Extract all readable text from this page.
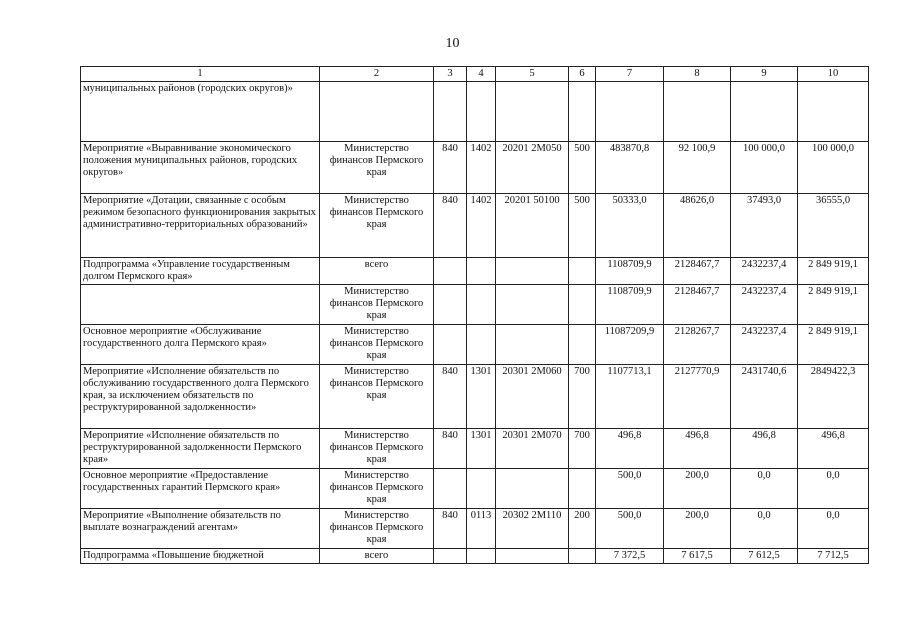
10
1	2	3	4	5	6	7	8	9	10
муниципальных районов (городских округов)»									
Мероприятие «Выравнивание экономического положения муниципальных районов, городских округов»	Министерство финансов Пермского края	840	1402	20201 2М050	500	483870,8	92 100,9	100 000,0	100 000,0
Мероприятие «Дотации, связанные с особым режимом безопасного функционирования закрытых административно-территориальных образований»	Министерство финансов Пермского края	840	1402	20201 50100	500	50333,0	48626,0	37493,0	36555,0
Подпрограмма «Управление государственным долгом Пермского края»	всего					1108709,9	2128467,7	2432237,4	2 849 919,1
	Министерство финансов Пермского края					1108709,9	2128467,7	2432237,4	2 849 919,1
Основное мероприятие «Обслуживание государственного долга Пермского края»	Министерство финансов Пермского края					11087209,9	2128267,7	2432237,4	2 849 919,1
Мероприятие «Исполнение обязательств по обслуживанию государственного долга Пермского края, за исключением обязательств по реструктурированной задолженности»	Министерство финансов Пермского края	840	1301	20301 2М060	700	1107713,1	2127770,9	2431740,6	2849422,3
Мероприятие «Исполнение обязательств по реструктурированной задолженности Пермского края»	Министерство финансов Пермского края	840	1301	20301 2М070	700	496,8	496,8	496,8	496,8
Основное мероприятие «Предоставление государственных гарантий Пермского края»	Министерство финансов Пермского края					500,0	200,0	0,0	0,0
Мероприятие «Выполнение обязательств по выплате вознаграждений агентам»	Министерство финансов Пермского края	840	0113	20302 2М110	200	500,0	200,0	0,0	0,0
Подпрограмма «Повышение бюджетной	всего					7 372,5	7 617,5	7 612,5	7 712,5
